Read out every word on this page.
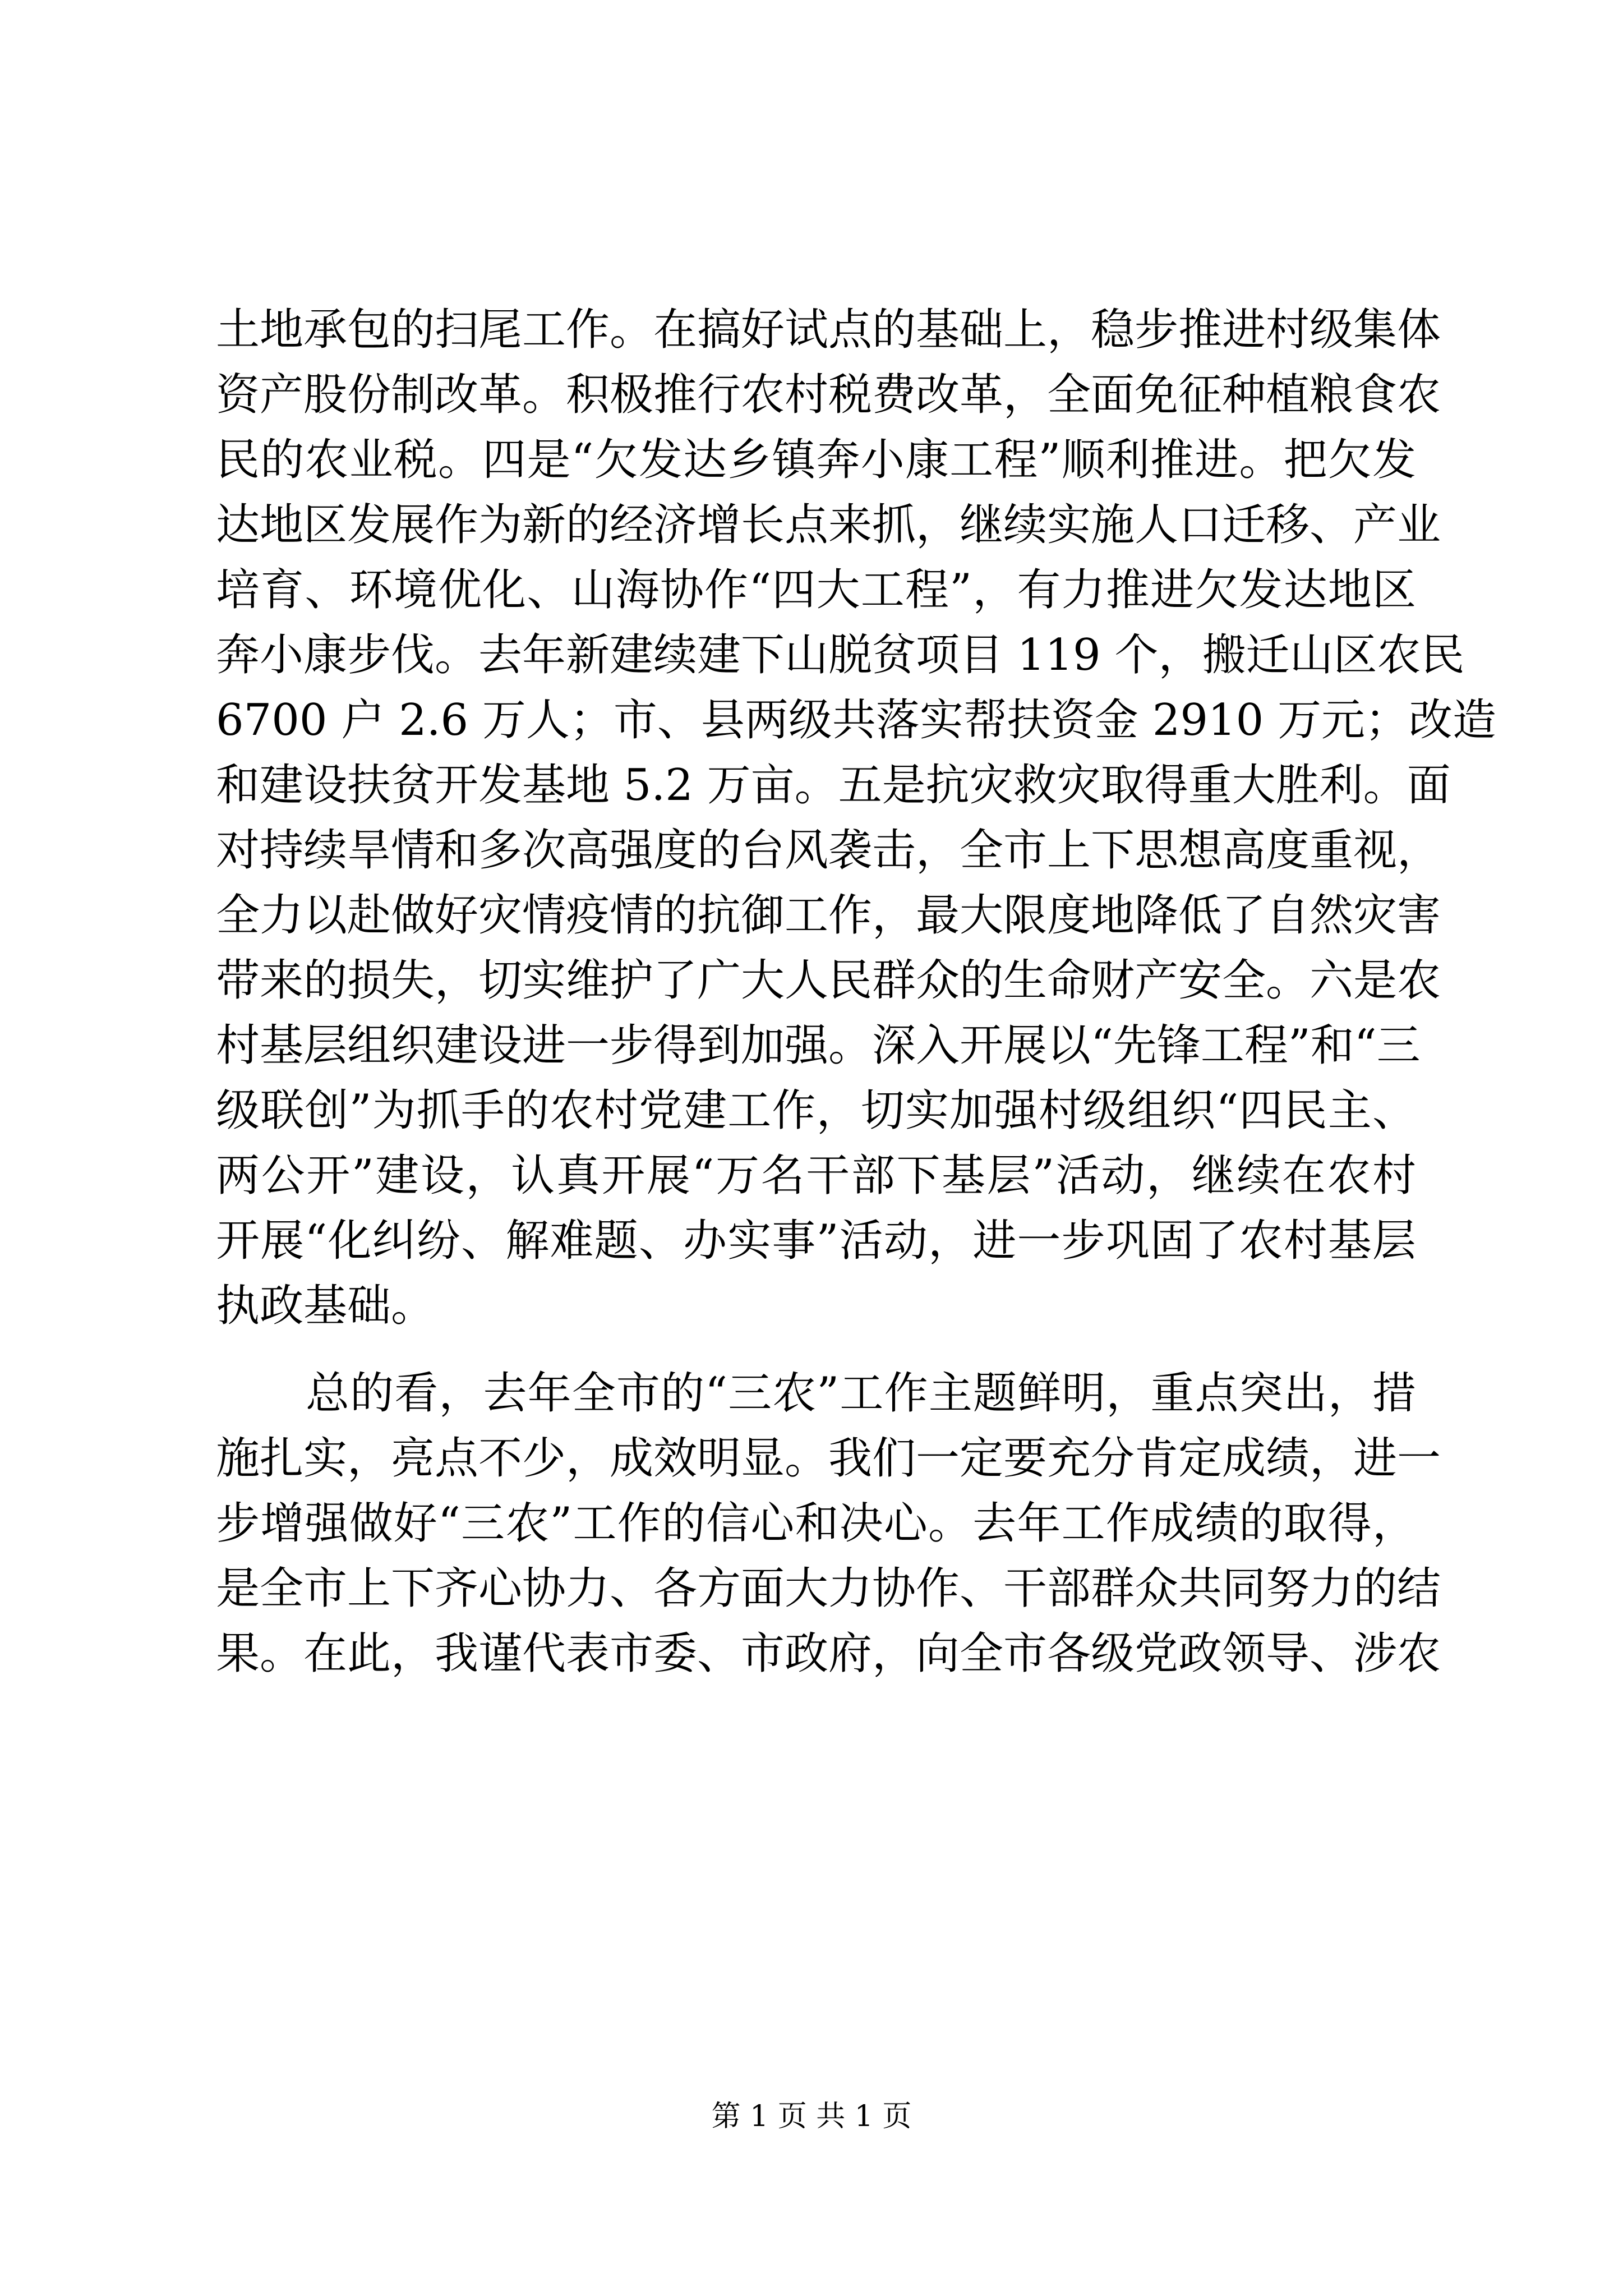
土地承包的扫尾工作。在搞好试点的基础上，稳步推进村级集体
资产股份制改革。积极推行农村税费改革，全面免征种植粮食农
民的农业税。四是“欠发达乡镇奔小康工程”顺利推进。把欠发
达地区发展作为新的经济增长点来抓，继续实施人口迁移、产业
培育、环境优化、山海协作“四大工程”，有力推进欠发达地区
奔小康步伐。去年新建续建下山脱贫项目 119 个，搬迁山区农民
6700 户 2.6 万人；市、县两级共落实帮扶资金 2910 万元；改造
和建设扶贫开发基地 5.2 万亩。五是抗灾救灾取得重大胜利。面
对持续旱情和多次高强度的台风袭击，全市上下思想高度重视，
全力以赴做好灾情疫情的抗御工作，最大限度地降低了自然灾害
带来的损失，切实维护了广大人民群众的生命财产安全。六是农
村基层组织建设进一步得到加强。深入开展以“先锋工程”和“三
级联创”为抓手的农村党建工作，切实加强村级组织“四民主、
两公开”建设，认真开展“万名干部下基层”活动，继续在农村
开展“化纠纷、解难题、办实事”活动，进一步巩固了农村基层
执政基础。
总的看，去年全市的“三农”工作主题鲜明，重点突出，措
施扎实，亮点不少，成效明显。我们一定要充分肯定成绩，进一
步增强做好“三农”工作的信心和决心。去年工作成绩的取得，
是全市上下齐心协力、各方面大力协作、干部群众共同努力的结
果。在此，我谨代表市委、市政府，向全市各级党政领导、涉农
第 1 页 共 1 页
